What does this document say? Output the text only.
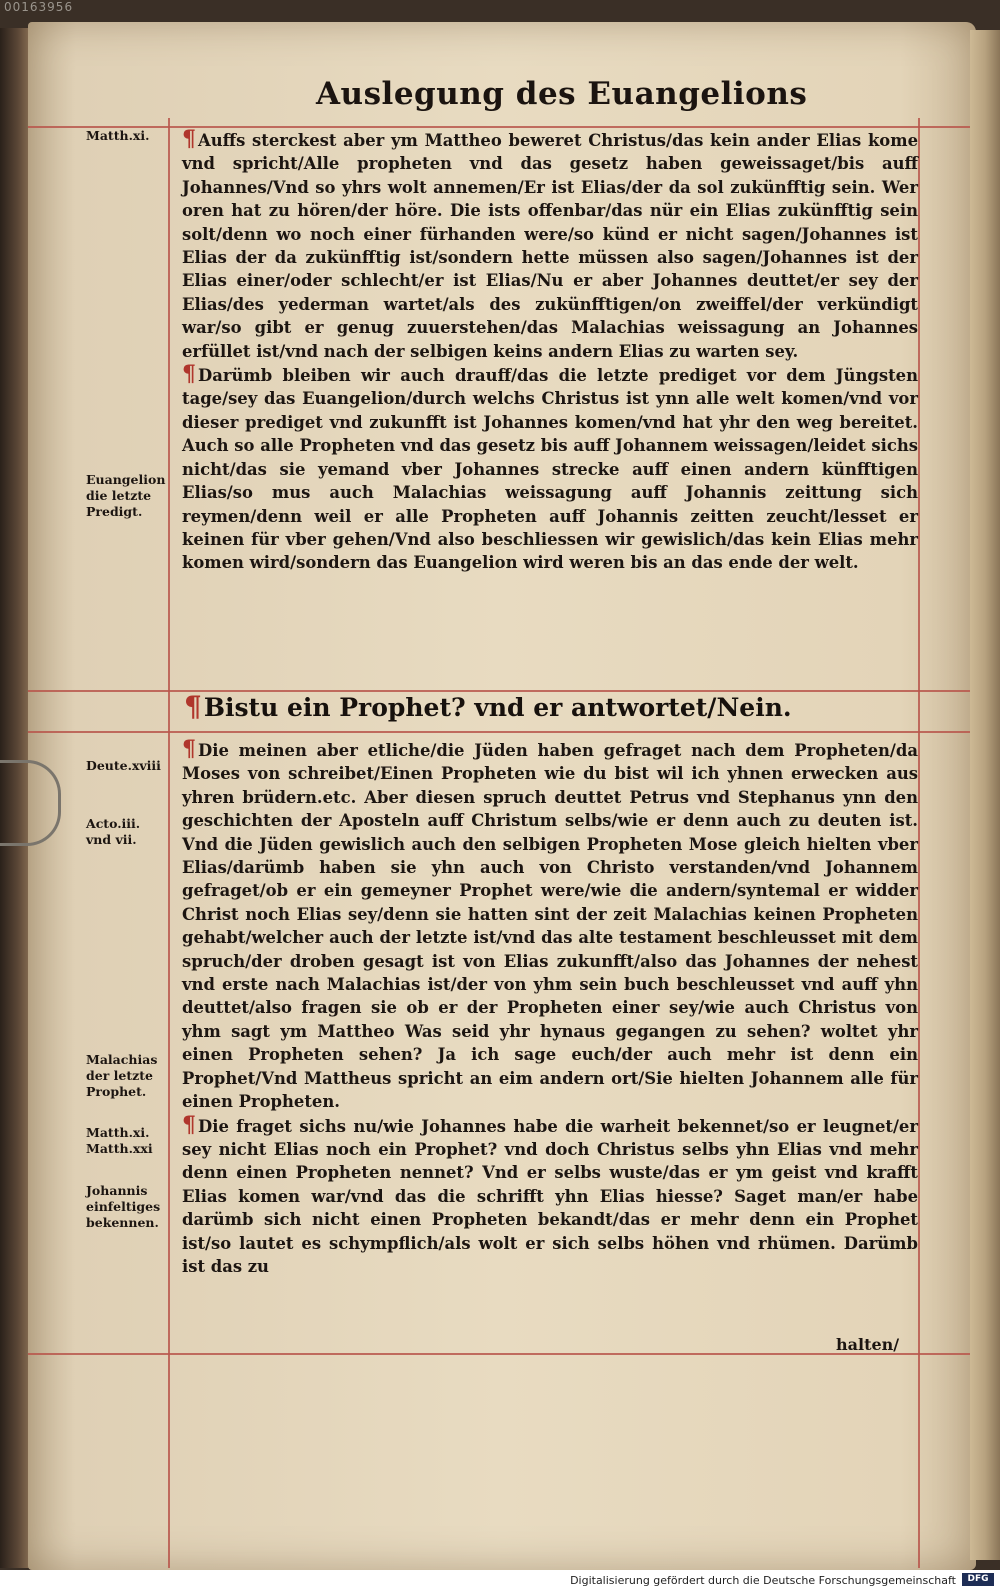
00163956
Auslegung des Euangelions
Matth.xi.
Euangelion die letzte Predigt.
Deute.xviii
Acto.iii. vnd vii.
Malachias der letzte Prophet.
Matth.xi. Matth.xxi
Johannis einfeltiges bekennen.

¶ Auffs sterckest aber ym Mattheo beweret Christus/das kein ander Elias kome vnd spricht/Alle propheten vnd das gesetz haben geweissaget/bis auff Johannes/Vnd so yhrs wolt annemen/Er ist Elias/der da sol zukünfftig sein. Wer oren hat zu hören/der höre. Die ists offenbar/das nür ein Elias zukünfftig sein solt/denn wo noch einer fürhanden were/so künd er nicht sagen/Johannes ist Elias der da zukünfftig ist/sondern hette müssen also sagen/Johannes ist der Elias einer/oder schlecht/er ist Elias/Nu er aber Johannes deuttet/er sey der Elias/des yederman wartet/als des zukünfftigen/on zweiffel/der verkündigt war/so gibt er genug zuuerstehen/das Malachias weissagung an Johannes erfüllet ist/vnd nach der selbigen keins andern Elias zu warten sey.

¶ Darümb bleiben wir auch drauff/das die letzte prediget vor dem Jüngsten tage/sey das Euangelion/durch welchs Christus ist ynn alle welt komen/vnd vor dieser prediget vnd zukunfft ist Johannes komen/vnd hat yhr den weg bereitet. Auch so alle Propheten vnd das gesetz bis auff Johannem weissagen/leidet sichs nicht/das sie yemand vber Johannes strecke auff einen andern künfftigen Elias/so mus auch Malachias weissagung auff Johannis zeittung sich reymen/denn weil er alle Propheten auff Johannis zeitten zeucht/lesset er keinen für vber gehen/Vnd also beschliessen wir gewislich/das kein Elias mehr komen wird/sondern das Euangelion wird weren bis an das ende der welt.

¶Bistu ein Prophet? vnd er antwortet/Nein.

¶ Die meinen aber etliche/die Jüden haben gefraget nach dem Propheten/da Moses von schreibet/Einen Propheten wie du bist wil ich yhnen erwecken aus yhren brüdern.etc. Aber diesen spruch deuttet Petrus vnd Stephanus ynn den geschichten der Aposteln auff Christum selbs/wie er denn auch zu deuten ist. Vnd die Jüden gewislich auch den selbigen Propheten Mose gleich hielten vber Elias/darümb haben sie yhn auch von Christo verstanden/vnd Johannem gefraget/ob er ein gemeyner Prophet were/wie die andern/syntemal er widder Christ noch Elias sey/denn sie hatten sint der zeit Malachias keinen Propheten gehabt/welcher auch der letzte ist/vnd das alte testament beschleusset mit dem spruch/der droben gesagt ist von Elias zukunfft/also das Johannes der nehest vnd erste nach Malachias ist/der von yhm sein buch beschleusset vnd auff yhn deuttet/also fragen sie ob er der Propheten einer sey/wie auch Christus von yhm sagt ym Mattheo Was seid yhr hynaus gegangen zu sehen? woltet yhr einen Propheten sehen? Ja ich sage euch/der auch mehr ist denn ein Prophet/Vnd Mattheus spricht an eim andern ort/Sie hielten Johannem alle für einen Propheten.

¶ Die fraget sichs nu/wie Johannes habe die warheit bekennet/so er leugnet/er sey nicht Elias noch ein Prophet? vnd doch Christus selbs yhn Elias vnd mehr denn einen Propheten nennet? Vnd er selbs wuste/das er ym geist vnd krafft Elias komen war/vnd das die schrifft yhn Elias hiesse? Saget man/er habe darümb sich nicht einen Propheten bekandt/das er mehr denn ein Prophet ist/so lautet es schympflich/als wolt er sich selbs höhen vnd rhümen. Darümb ist das zu

halten/
Digitalisierung gefördert durch die Deutsche Forschungsgemeinschaft	DFG
